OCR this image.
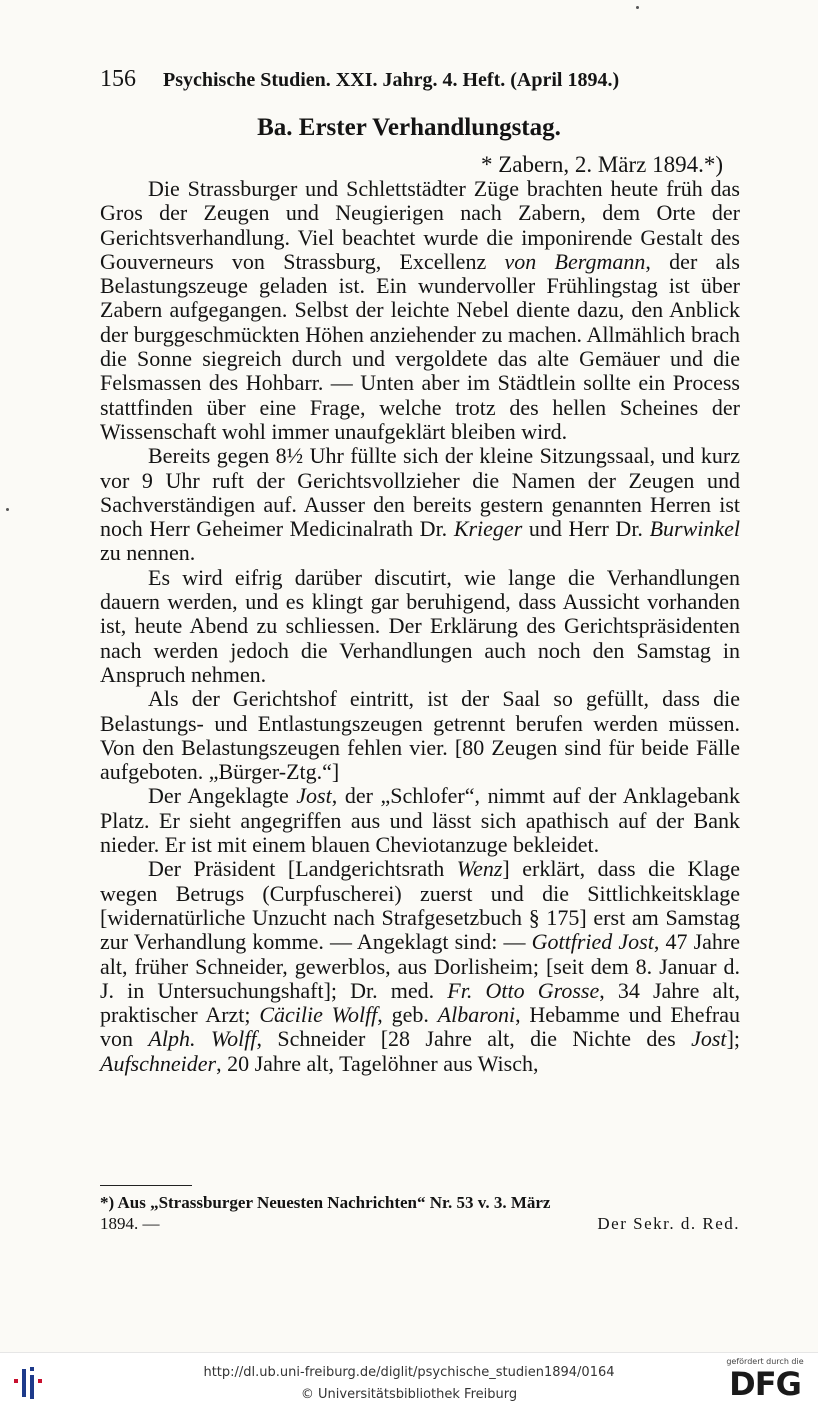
156 Psychische Studien. XXI. Jahrg. 4. Heft. (April 1894.)
Ba. Erster Verhandlungstag.
* Zabern, 2. März 1894.*)

Die Strassburger und Schlettstädter Züge brachten heute früh das Gros der Zeugen und Neugierigen nach Zabern, dem Orte der Gerichtsverhandlung. Viel beachtet wurde die imponirende Gestalt des Gouverneurs von Strassburg, Excellenz von Bergmann, der als Belastungszeuge geladen ist. Ein wundervoller Frühlingstag ist über Zabern aufgegangen. Selbst der leichte Nebel diente dazu, den Anblick der burggeschmückten Höhen anziehender zu machen. Allmählich brach die Sonne siegreich durch und vergoldete das alte Gemäuer und die Felsmassen des Hohbarr. — Unten aber im Städtlein sollte ein Process stattfinden über eine Frage, welche trotz des hellen Scheines der Wissenschaft wohl immer unaufgeklärt bleiben wird.

Bereits gegen 8½ Uhr füllte sich der kleine Sitzungssaal, und kurz vor 9 Uhr ruft der Gerichtsvollzieher die Namen der Zeugen und Sachverständigen auf. Ausser den bereits gestern genannten Herren ist noch Herr Geheimer Medicinalrath Dr. Krieger und Herr Dr. Burwinkel zu nennen.

Es wird eifrig darüber discutirt, wie lange die Verhandlungen dauern werden, und es klingt gar beruhigend, dass Aussicht vorhanden ist, heute Abend zu schliessen. Der Erklärung des Gerichtspräsidenten nach werden jedoch die Verhandlungen auch noch den Samstag in Anspruch nehmen.

Als der Gerichtshof eintritt, ist der Saal so gefüllt, dass die Belastungs- und Entlastungszeugen getrennt berufen werden müssen. Von den Belastungszeugen fehlen vier. [80 Zeugen sind für beide Fälle aufgeboten. „Bürger-Ztg.“]

Der Angeklagte Jost, der „Schlofer“, nimmt auf der Anklagebank Platz. Er sieht angegriffen aus und lässt sich apathisch auf der Bank nieder. Er ist mit einem blauen Cheviotanzuge bekleidet.

Der Präsident [Landgerichtsrath Wenz] erklärt, dass die Klage wegen Betrugs (Curpfuscherei) zuerst und die Sittlichkeitsklage [widernatürliche Unzucht nach Strafgesetzbuch § 175] erst am Samstag zur Verhandlung komme. — Angeklagt sind: — Gottfried Jost, 47 Jahre alt, früher Schneider, gewerblos, aus Dorlisheim; [seit dem 8. Januar d. J. in Untersuchungshaft]; Dr. med. Fr. Otto Grosse, 34 Jahre alt, praktischer Arzt; Cäcilie Wolff, geb. Albaroni, Hebamme und Ehefrau von Alph. Wolff, Schneider [28 Jahre alt, die Nichte des Jost]; Aufschneider, 20 Jahre alt, Tagelöhner aus Wisch,

*) Aus „Strassburger Neuesten Nachrichten“ Nr. 53 v. 3. März
1894. —	Der Sekr. d. Red.
http://dl.ub.uni-freiburg.de/diglit/psychische_studien1894/0164
© Universitätsbibliothek Freiburg
gefördert durch die
DFG
